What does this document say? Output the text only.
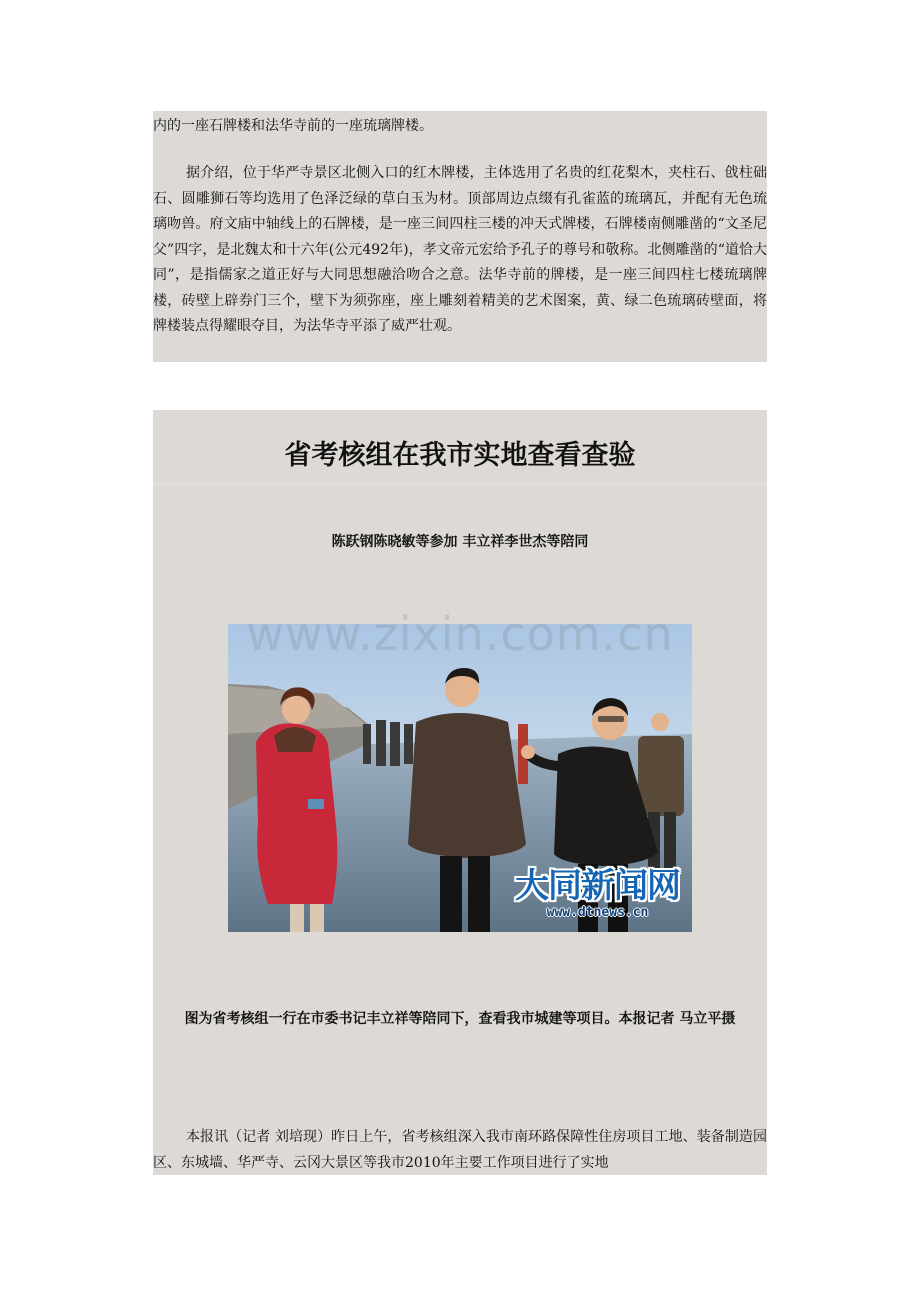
内的一座石牌楼和法华寺前的一座琉璃牌楼。

据介绍，位于华严寺景区北侧入口的红木牌楼，主体选用了名贵的红花梨木，夹柱石、戗柱础石、圆雕狮石等均选用了色泽泛绿的草白玉为材。顶部周边点缀有孔雀蓝的琉璃瓦，并配有无色琉璃吻兽。府文庙中轴线上的石牌楼，是一座三间四柱三楼的冲天式牌楼，石牌楼南侧雕凿的“文圣尼父”四字，是北魏太和十六年(公元492年)，孝文帝元宏给予孔子的尊号和敬称。北侧雕凿的“道恰大同”，是指儒家之道正好与大同思想融洽吻合之意。法华寺前的牌楼，是一座三间四柱七楼琉璃牌楼，砖壁上辟券门三个，壁下为须弥座，座上雕刻着精美的艺术图案，黄、绿二色琉璃砖壁面，将牌楼装点得耀眼夺目，为法华寺平添了威严壮观。

省考核组在我市实地查看查验

陈跃钢陈晓敏等参加 丰立祥李世杰等陪同

大同新闻网
www.dtnews.cn

图为省考核组一行在市委书记丰立祥等陪同下，查看我市城建等项目。本报记者 马立平摄

本报讯（记者 刘培现）昨日上午，省考核组深入我市南环路保障性住房项目工地、装备制造园区、东城墙、华严寺、云冈大景区等我市2010年主要工作项目进行了实地

www.zixin.com.cn
